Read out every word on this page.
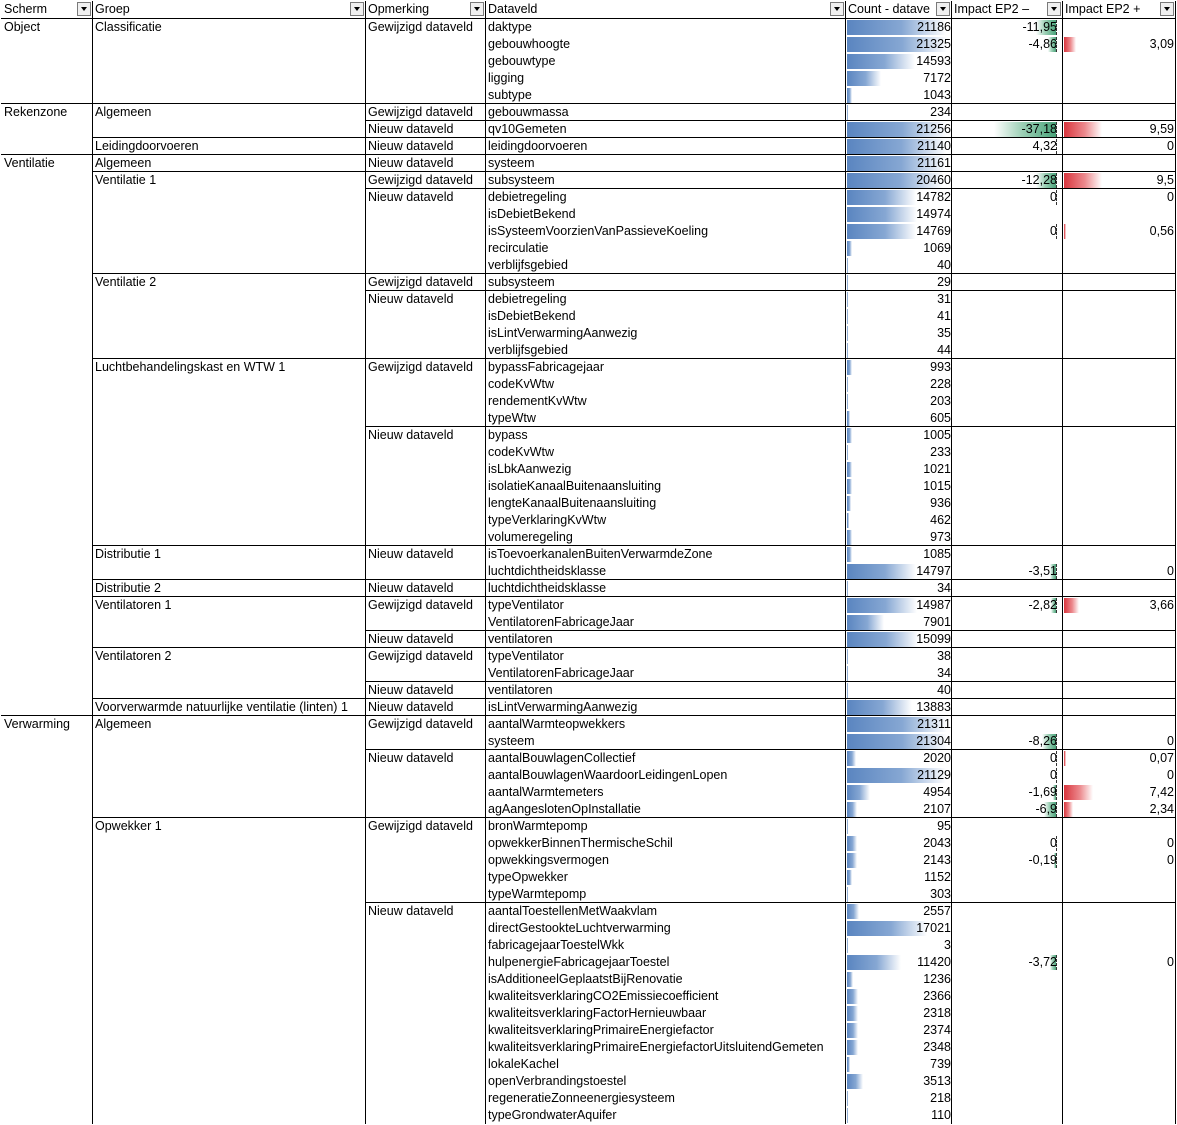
Scherm	Groep	Opmerking	Dataveld	Count - datave	Impact EP2 –	Impact EP2 +
Object	Classificatie	Gewijzigd dataveld	daktype	21186	-11,95
gebouwhoogte	21325	-4,86	3,09
gebouwtype	14593
ligging	7172
subtype	1043
Rekenzone	Algemeen	Gewijzigd dataveld	gebouwmassa	234
Nieuw dataveld	qv10Gemeten	21256	-37,18	9,59
Leidingdoorvoeren	Nieuw dataveld	leidingdoorvoeren	21140	4,32	0
Ventilatie	Algemeen	Nieuw dataveld	systeem	21161
Ventilatie 1	Gewijzigd dataveld	subsysteem	20460	-12,28	9,5
Nieuw dataveld	debietregeling	14782	0	0
isDebietBekend	14974
isSysteemVoorzienVanPassieveKoeling	14769	0	0,56
recirculatie	1069
verblijfsgebied	40
Ventilatie 2	Gewijzigd dataveld	subsysteem	29
Nieuw dataveld	debietregeling	31
isDebietBekend	41
isLintVerwarmingAanwezig	35
verblijfsgebied	44
Luchtbehandelingskast en WTW 1	Gewijzigd dataveld	bypassFabricagejaar	993
codeKvWtw	228
rendementKvWtw	203
typeWtw	605
Nieuw dataveld	bypass	1005
codeKvWtw	233
isLbkAanwezig	1021
isolatieKanaalBuitenaansluiting	1015
lengteKanaalBuitenaansluiting	936
typeVerklaringKvWtw	462
volumeregeling	973
Distributie 1	Nieuw dataveld	isToevoerkanalenBuitenVerwarmdeZone	1085
luchtdichtheidsklasse	14797	-3,51	0
Distributie 2	Nieuw dataveld	luchtdichtheidsklasse	34
Ventilatoren 1	Gewijzigd dataveld	typeVentilator	14987	-2,82	3,66
VentilatorenFabricageJaar	7901
Nieuw dataveld	ventilatoren	15099
Ventilatoren 2	Gewijzigd dataveld	typeVentilator	38
VentilatorenFabricageJaar	34
Nieuw dataveld	ventilatoren	40
Voorverwarmde natuurlijke ventilatie (linten) 1	Nieuw dataveld	isLintVerwarmingAanwezig	13883
Verwarming	Algemeen	Gewijzigd dataveld	aantalWarmteopwekkers	21311
systeem	21304	-8,26	0
Nieuw dataveld	aantalBouwlagenCollectief	2020	0	0,07
aantalBouwlagenWaardoorLeidingenLopen	21129	0	0
aantalWarmtemeters	4954	-1,69	7,42
agAangeslotenOpInstallatie	2107	-6,9	2,34
Opwekker 1	Gewijzigd dataveld	bronWarmtepomp	95
opwekkerBinnenThermischeSchil	2043	0	0
opwekkingsvermogen	2143	-0,19	0
typeOpwekker	1152
typeWarmtepomp	303
Nieuw dataveld	aantalToestellenMetWaakvlam	2557
directGestookteLuchtverwarming	17021
fabricagejaarToestelWkk	3
hulpenergieFabricagejaarToestel	11420	-3,72	0
isAdditioneelGeplaatstBijRenovatie	1236
kwaliteitsverklaringCO2Emissiecoefficient	2366
kwaliteitsverklaringFactorHernieuwbaar	2318
kwaliteitsverklaringPrimaireEnergiefactor	2374
kwaliteitsverklaringPrimaireEnergiefactorUitsluitendGemeten	2348
lokaleKachel	739
openVerbrandingstoestel	3513
regeneratieZonneenergiesysteem	218
typeGrondwaterAquifer	110
